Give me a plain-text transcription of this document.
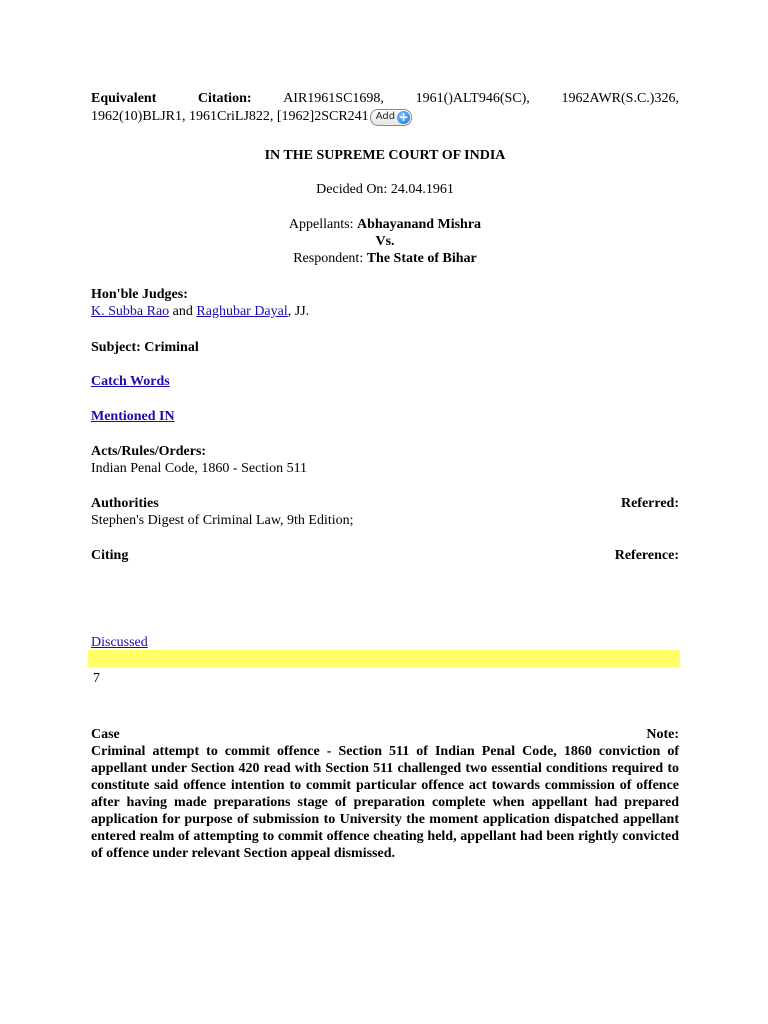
Equivalent Citation: AIR1961SC1698, 1961()ALT946(SC), 1962AWR(S.C.)326,
1962(10)BLJR1, 1961CriLJ822, [1962]2SCR241 Add +
IN THE SUPREME COURT OF INDIA
Decided On: 24.04.1961
Appellants: Abhayanand Mishra
Vs.
Respondent: The State of Bihar
Hon'ble Judges:
K. Subba Rao and Raghubar Dayal, JJ.
Subject: Criminal
Catch Words
Mentioned IN
Acts/Rules/Orders:
Indian Penal Code, 1860 - Section 511
Authorities	Referred:
Stephen's Digest of Criminal Law, 9th Edition;
Citing	Reference:
Discussed
7
Case	Note:
Criminal attempt to commit offence - Section 511 of Indian Penal Code, 1860 conviction of appellant under Section 420 read with Section 511 challenged two essential conditions required to constitute said offence intention to commit particular offence act towards commission of offence after having made preparations stage of preparation complete when appellant had prepared application for purpose of submission to University the moment application dispatched appellant entered realm of attempting to commit offence cheating held, appellant had been rightly convicted of offence under relevant Section appeal dismissed.
